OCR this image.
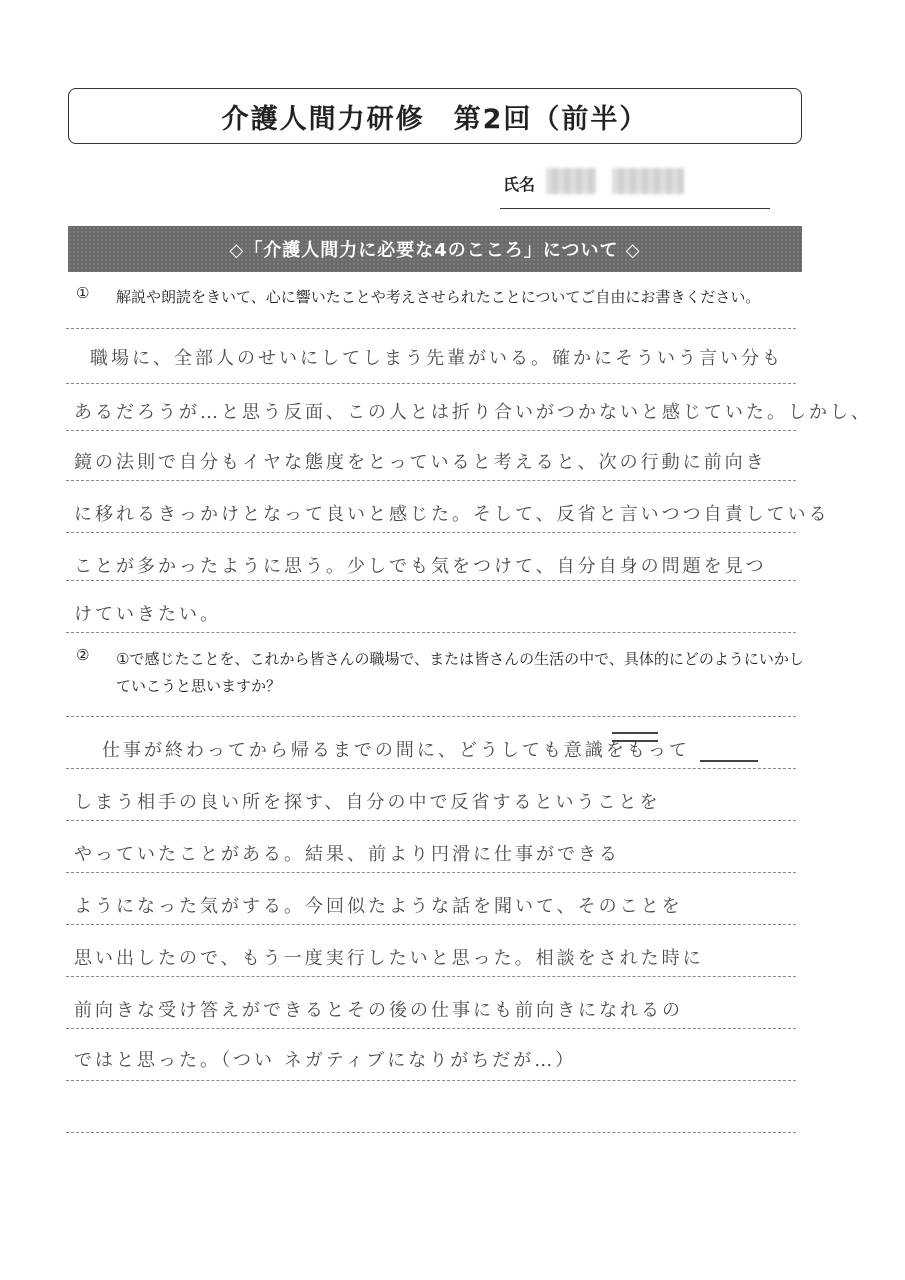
介護人間力研修　第2回（前半）
氏名
◇「介護人間力に必要な4のこころ」について ◇
①	解説や朗読をきいて、心に響いたことや考えさせられたことについてご自由にお書きください。
職場に、全部人のせいにしてしまう先輩がいる。確かにそういう言い分も
あるだろうが…と思う反面、この人とは折り合いがつかないと感じていた。しかし、
鏡の法則で自分もイヤな態度をとっていると考えると、次の行動に前向き
に移れるきっかけとなって良いと感じた。そして、反省と言いつつ自責している
ことが多かったように思う。少しでも気をつけて、自分自身の問題を見つ
けていきたい。
②	①で感じたことを、これから皆さんの職場で、または皆さんの生活の中で、具体的にどのようにいかしていこうと思いますか？
仕事が終わってから帰るまでの間に、どうしても意識をもって
しまう相手の良い所を探す、自分の中で反省するということを
やっていたことがある。結果、前より円滑に仕事ができる
ようになった気がする。今回似たような話を聞いて、そのことを
思い出したので、もう一度実行したいと思った。相談をされた時に
前向きな受け答えができるとその後の仕事にも前向きになれるの
ではと思った。（つい ネガティブになりがちだが…）
